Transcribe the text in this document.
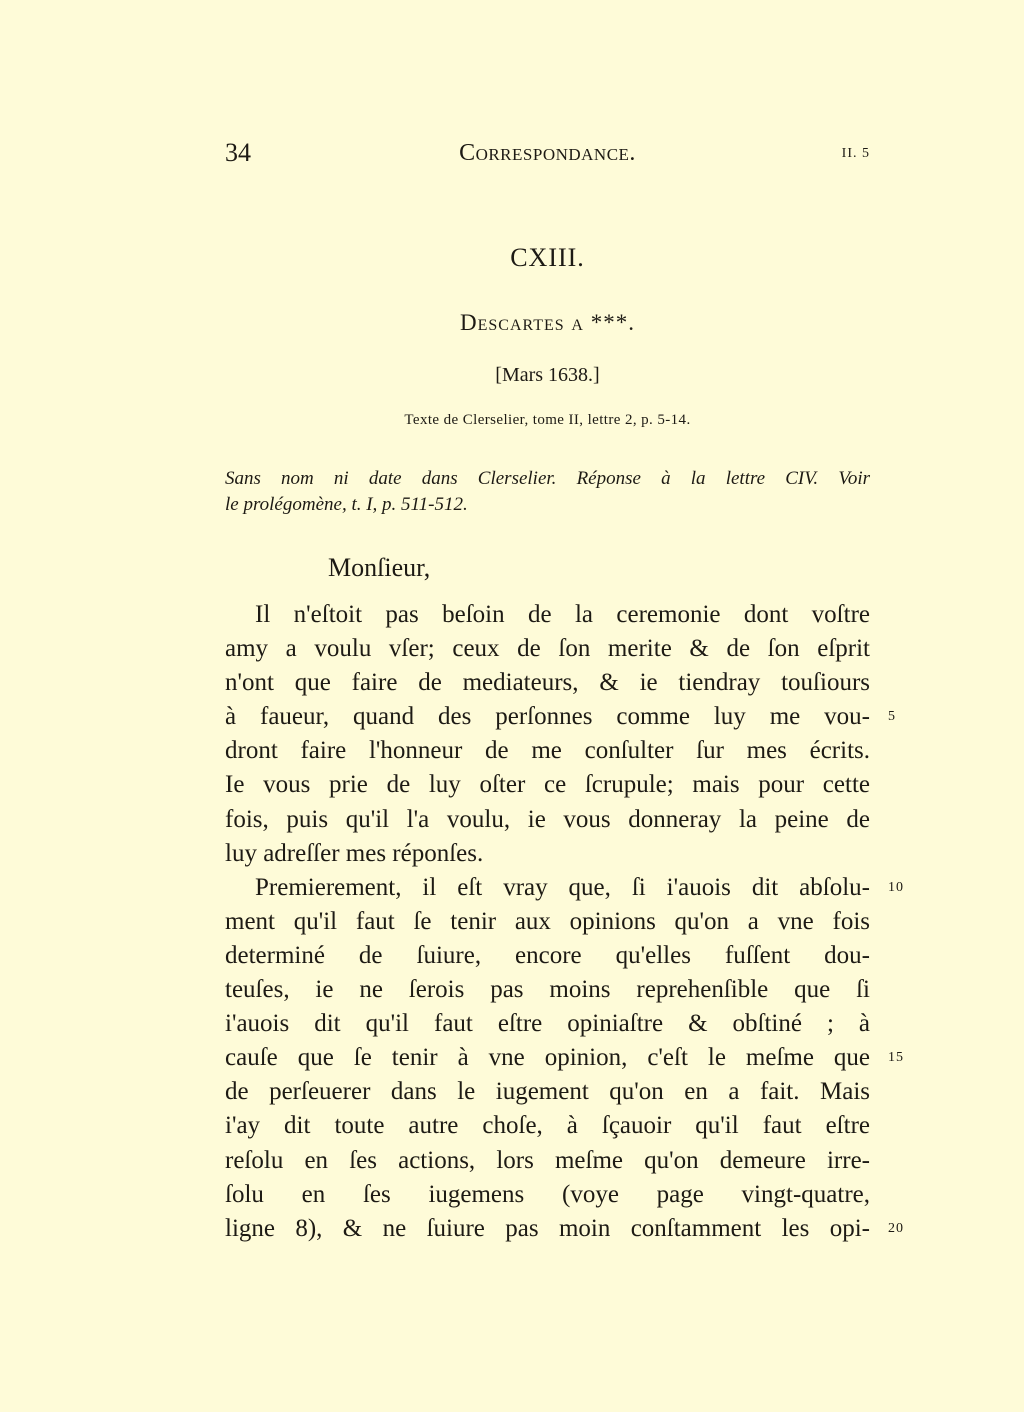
34	Correspondance.	II. 5
CXIII.
Descartes a ***.
[Mars 1638.]
Texte de Clerselier, tome II, lettre 2, p. 5-14.
Sans nom ni date dans Clerselier. Réponse à la lettre CIV. Voir
le prolégomène, t. I, p. 511-512.
Monſieur,
Il n'eſtoit pas beſoin de la ceremonie dont voſtre
amy a voulu vſer; ceux de ſon merite & de ſon eſprit
n'ont que faire de mediateurs, & ie tiendray touſiours
à faueur, quand des perſonnes comme luy me vou-
dront faire l'honneur de me conſulter ſur mes écrits.
Ie vous prie de luy oſter ce ſcrupule; mais pour cette
fois, puis qu'il l'a voulu, ie vous donneray la peine de
luy adreſſer mes réponſes.
Premierement, il eſt vray que, ſi i'auois dit abſolu-
ment qu'il faut ſe tenir aux opinions qu'on a vne fois
determiné de ſuiure, encore qu'elles fuſſent dou-
teuſes, ie ne ſerois pas moins reprehenſible que ſi
i'auois dit qu'il faut eſtre opiniaſtre & obſtiné ; à
cauſe que ſe tenir à vne opinion, c'eſt le meſme que
de perſeuerer dans le iugement qu'on en a fait. Mais
i'ay dit toute autre choſe, à ſçauoir qu'il faut eſtre
reſolu en ſes actions, lors meſme qu'on demeure irre-
ſolu en ſes iugemens (voye page vingt-quatre,
ligne 8), & ne ſuiure pas moin conſtamment les opi-
5
10
15
20
